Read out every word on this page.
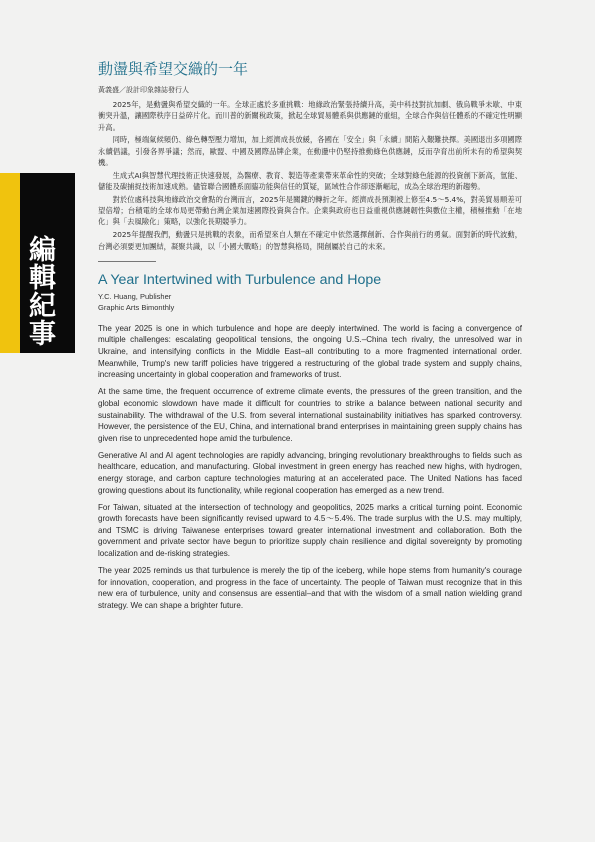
編輯紀事
動盪與希望交織的一年

黃義盛／設計印象雜誌發行人

2025年，是動盪與希望交織的一年。全球正處於多重挑戰：地緣政治緊張持續升高，美中科技對抗加劇、俄烏戰爭未歇、中東衝突升溫，讓國際秩序日益碎片化。而川普的新關稅政策，掀起全球貿易體系與供應鏈的重組，全球合作與信任體系的不確定性明顯升高。

同時，極端氣候頻仍、綠色轉型壓力增加，加上經濟成長放緩，各國在「安全」與「永續」間陷入艱難抉擇。美國退出多項國際永續倡議，引發各界爭議；然而，歐盟、中國及國際品牌企業，在動盪中仍堅持推動綠色供應鏈，反而孕育出前所未有的希望與契機。

生成式AI與智慧代理技術正快速發展，為醫療、教育、製造等產業帶來革命性的突破；全球對綠色能源的投資創下新高，氫能、儲能及碳捕捉技術加速成熟。儘管聯合國體系面臨功能與信任的質疑，區域性合作卻逐漸崛起，成為全球治理的新趨勢。

對於位處科技與地緣政治交會點的台灣而言，2025年是關鍵的轉折之年。經濟成長預測被上修至4.5～5.4%，對美貿易順差可望倍增；台積電的全球布局更帶動台灣企業加速國際投資與合作。企業與政府也日益重視供應鏈韌性與數位主權，積極推動「在地化」與「去風險化」策略，以強化長期競爭力。

2025年提醒我們，動盪只是挑戰的表象，而希望來自人類在不確定中依然選擇創新、合作與前行的勇氣。面對新的時代波動，台灣必須要更加團結，凝聚共識，以「小國大戰略」的智慧與格局，開創屬於自己的未來。

A Year Intertwined with Turbulence and Hope

Y.C. Huang, Publisher

Graphic Arts Bimonthly

The year 2025 is one in which turbulence and hope are deeply intertwined. The world is facing a convergence of multiple challenges: escalating geopolitical tensions, the ongoing U.S.–China tech rivalry, the unresolved war in Ukraine, and intensifying conflicts in the Middle East–all contributing to a more fragmented international order. Meanwhile, Trump's new tariff policies have triggered a restructuring of the global trade system and supply chains, increasing uncertainty in global cooperation and frameworks of trust.

At the same time, the frequent occurrence of extreme climate events, the pressures of the green transition, and the global economic slowdown have made it difficult for countries to strike a balance between national security and sustainability. The withdrawal of the U.S. from several international sustainability initiatives has sparked controversy. However, the persistence of the EU, China, and international brand enterprises in maintaining green supply chains has given rise to unprecedented hope amid the turbulence.

Generative AI and AI agent technologies are rapidly advancing, bringing revolutionary breakthroughs to fields such as healthcare, education, and manufacturing. Global investment in green energy has reached new highs, with hydrogen, energy storage, and carbon capture technologies maturing at an accelerated pace. The United Nations has faced growing questions about its functionality, while regional cooperation has emerged as a new trend.

For Taiwan, situated at the intersection of technology and geopolitics, 2025 marks a critical turning point. Economic growth forecasts have been significantly revised upward to 4.5～5.4%. The trade surplus with the U.S. may multiply, and TSMC is driving Taiwanese enterprises toward greater international investment and collaboration. Both the government and private sector have begun to prioritize supply chain resilience and digital sovereignty by promoting localization and de-risking strategies.

The year 2025 reminds us that turbulence is merely the tip of the iceberg, while hope stems from humanity's courage for innovation, cooperation, and progress in the face of uncertainty. The people of Taiwan must recognize that in this new era of turbulence, unity and consensus are essential–and that with the wisdom of a small nation wielding grand strategy. We can shape a brighter future.
